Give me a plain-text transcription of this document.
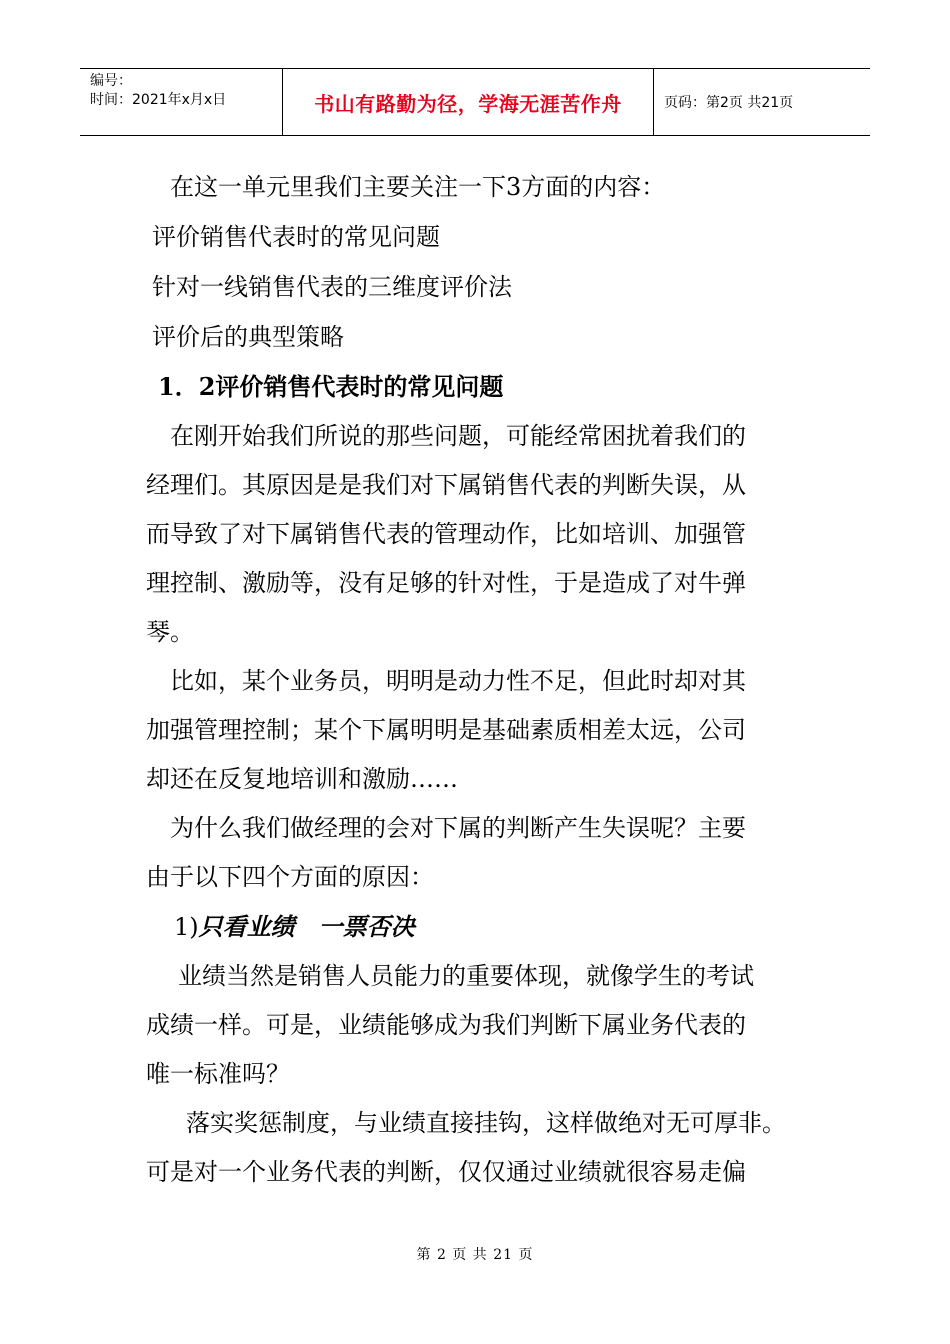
编号：
时间：2021年x月x日	书山有路勤为径，学海无涯苦作舟	页码：第2页 共21页
在这一单元里我们主要关注一下3方面的内容：
评价销售代表时的常见问题
针对一线销售代表的三维度评价法
评价后的典型策略
1．2评价销售代表时的常见问题
在刚开始我们所说的那些问题，可能经常困扰着我们的
经理们。其原因是是我们对下属销售代表的判断失误，从
而导致了对下属销售代表的管理动作，比如培训、加强管
理控制、激励等，没有足够的针对性，于是造成了对牛弹
琴。
比如，某个业务员，明明是动力性不足，但此时却对其
加强管理控制；某个下属明明是基础素质相差太远，公司
却还在反复地培训和激励……
为什么我们做经理的会对下属的判断产生失误呢？主要
由于以下四个方面的原因：
1)只看业绩　一票否决
业绩当然是销售人员能力的重要体现，就像学生的考试
成绩一样。可是，业绩能够成为我们判断下属业务代表的
唯一标准吗？
落实奖惩制度，与业绩直接挂钩，这样做绝对无可厚非。
可是对一个业务代表的判断，仅仅通过业绩就很容易走偏
第 2 页 共 21 页
